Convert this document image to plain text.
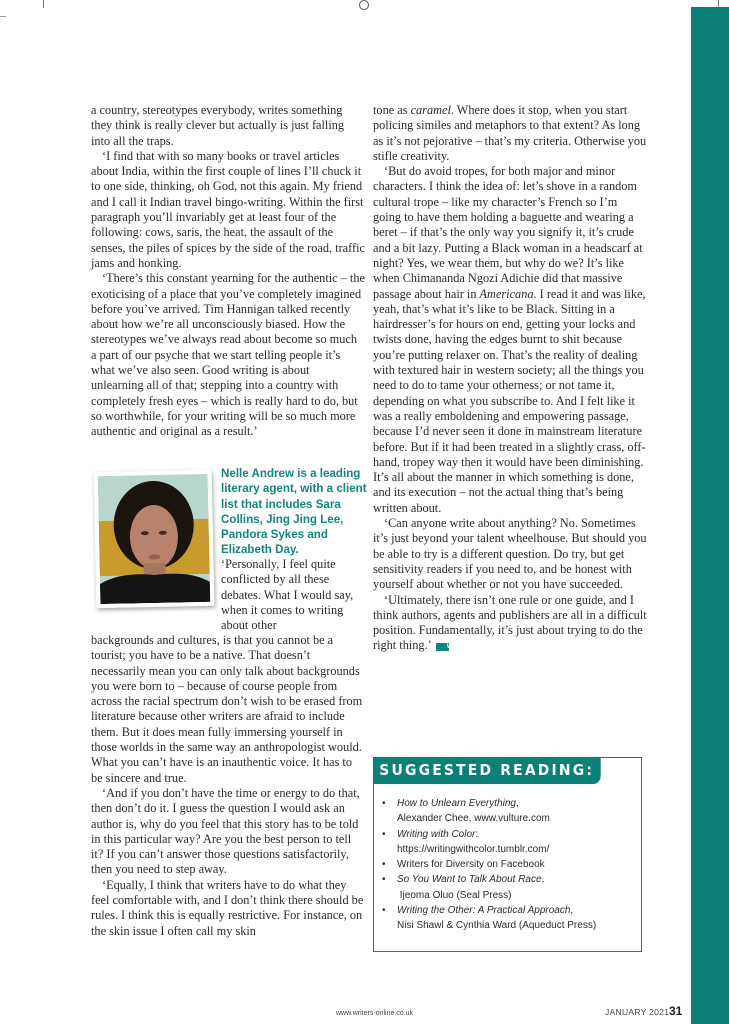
a country, stereotypes everybody, writes something they think is really clever but actually is just falling into all the traps.

‘I find that with so many books or travel articles about India, within the first couple of lines I’ll chuck it to one side, thinking, oh God, not this again. My friend and I call it Indian travel bingo-writing. Within the first paragraph you’ll invariably get at least four of the following: cows, saris, the heat, the assault of the senses, the piles of spices by the side of the road, traffic jams and honking.

‘There’s this constant yearning for the authentic – the exoticising of a place that you’ve completely imagined before you’ve arrived. Tim Hannigan talked recently about how we’re all unconsciously biased. How the stereotypes we’ve always read about become so much a part of our psyche that we start telling people it’s what we’ve also seen. Good writing is about unlearning all of that; stepping into a country with completely fresh eyes – which is really hard to do, but so worthwhile, for your writing will be so much more authentic and original as a result.’

Nelle Andrew is a leading literary agent, with a client list that includes Sara Collins, Jing Jing Lee, Pandora Sykes and Elizabeth Day.
‘Personally, I feel quite conflicted by all these debates. What I would say, when it comes to writing about other

backgrounds and cultures, is that you cannot be a tourist; you have to be a native. That doesn’t necessarily mean you can only talk about backgrounds you were born to – because of course people from across the racial spectrum don’t wish to be erased from literature because other writers are afraid to include them. But it does mean fully immersing yourself in those worlds in the same way an anthropologist would. What you can’t have is an inauthentic voice. It has to be sincere and true.

‘And if you don’t have the time or energy to do that, then don’t do it. I guess the question I would ask an author is, why do you feel that this story has to be told in this particular way? Are you the best person to tell it? If you can’t answer those questions satisfactorily, then you need to step away.

‘Equally, I think that writers have to do what they feel comfortable with, and I don’t think there should be rules. I think this is equally restrictive. For instance, on the skin issue I often call my skin

tone as caramel. Where does it stop, when you start policing similes and metaphors to that extent? As long as it’s not pejorative – that’s my criteria. Otherwise you stifle creativity.

‘But do avoid tropes, for both major and minor characters. I think the idea of: let’s shove in a random cultural trope – like my character’s French so I’m going to have them holding a baguette and wearing a beret – if that’s the only way you signify it, it’s crude and a bit lazy. Putting a Black woman in a headscarf at night? Yes, we wear them, but why do we? It’s like when Chimananda Ngozi Adichie did that massive passage about hair in Americana. I read it and was like, yeah, that’s what it’s like to be Black. Sitting in a hairdresser’s for hours on end, getting your locks and twists done, having the edges burnt to shit because you’re putting relaxer on. That’s the reality of dealing with textured hair in western society; all the things you need to do to tame your otherness; or not tame it, depending on what you subscribe to. And I felt like it was a really emboldening and empowering passage, because I’d never seen it done in mainstream literature before. But if it had been treated in a slightly crass, off-hand, tropey way then it would have been diminishing. It’s all about the manner in which something is done, and its execution – not the actual thing that’s being written about.

‘Can anyone write about anything? No. Sometimes it’s just beyond your talent wheelhouse. But should you be able to try is a different question. Do try, but get sensitivity readers if you need to, and be honest with yourself about whether or not you have succeeded.

‘Ultimately, there isn’t one rule or one guide, and I think authors, agents and publishers are all in a difficult position. Fundamentally, it’s just about trying to do the right thing.’	W.

SUGGESTED READING:
• How to Unlearn Everything,
Alexander Chee, www.vulture.com
• Writing with Color:
https://writingwithcolor.tumblr.com/
• Writers for Diversity on Facebook
• So You Want to Talk About Race,
Ijeoma Oluo (Seal Press)
• Writing the Other: A Practical Approach,
Nisi Shawl & Cynthia Ward (Aqueduct Press)
www.writers-online.co.uk	JANUARY 2021 31
